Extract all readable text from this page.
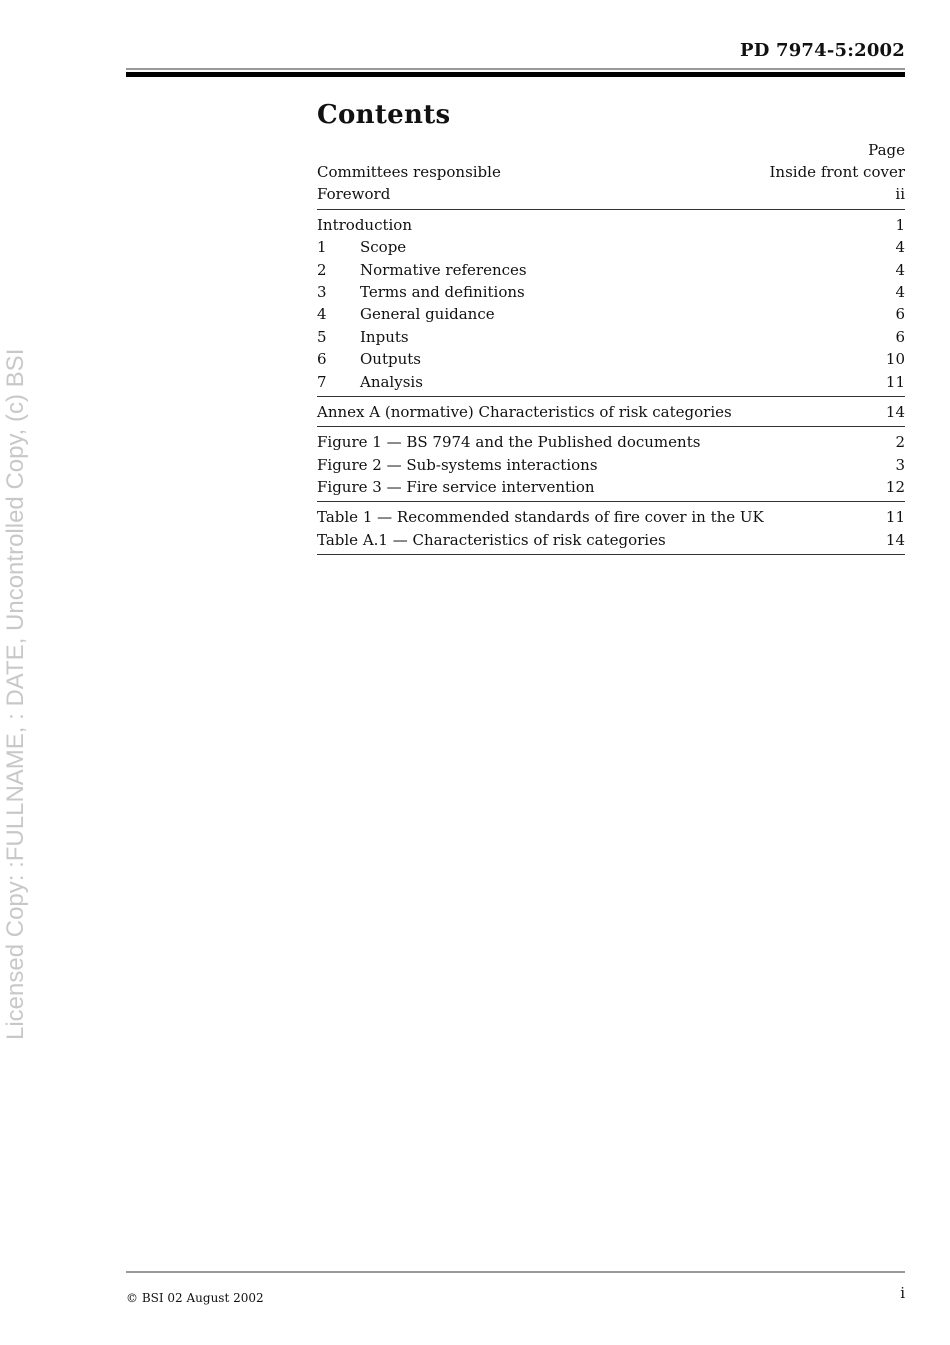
PD 7974-5:2002
Licensed Copy: :FULLNAME, : DATE, Uncontrolled Copy, (c) BSI
Contents
Page
Committees responsible	Inside front cover
Foreword	ii
Introduction	1
1	Scope	4
2	Normative references	4
3	Terms and definitions	4
4	General guidance	6
5	Inputs	6
6	Outputs	10
7	Analysis	11
Annex A (normative) Characteristics of risk categories	14
Figure 1 — BS 7974 and the Published documents	2
Figure 2 — Sub-systems interactions	3
Figure 3 — Fire service intervention	12
Table 1 — Recommended standards of fire cover in the UK	11
Table A.1 — Characteristics of risk categories	14
© BSI 02 August 2002	i
